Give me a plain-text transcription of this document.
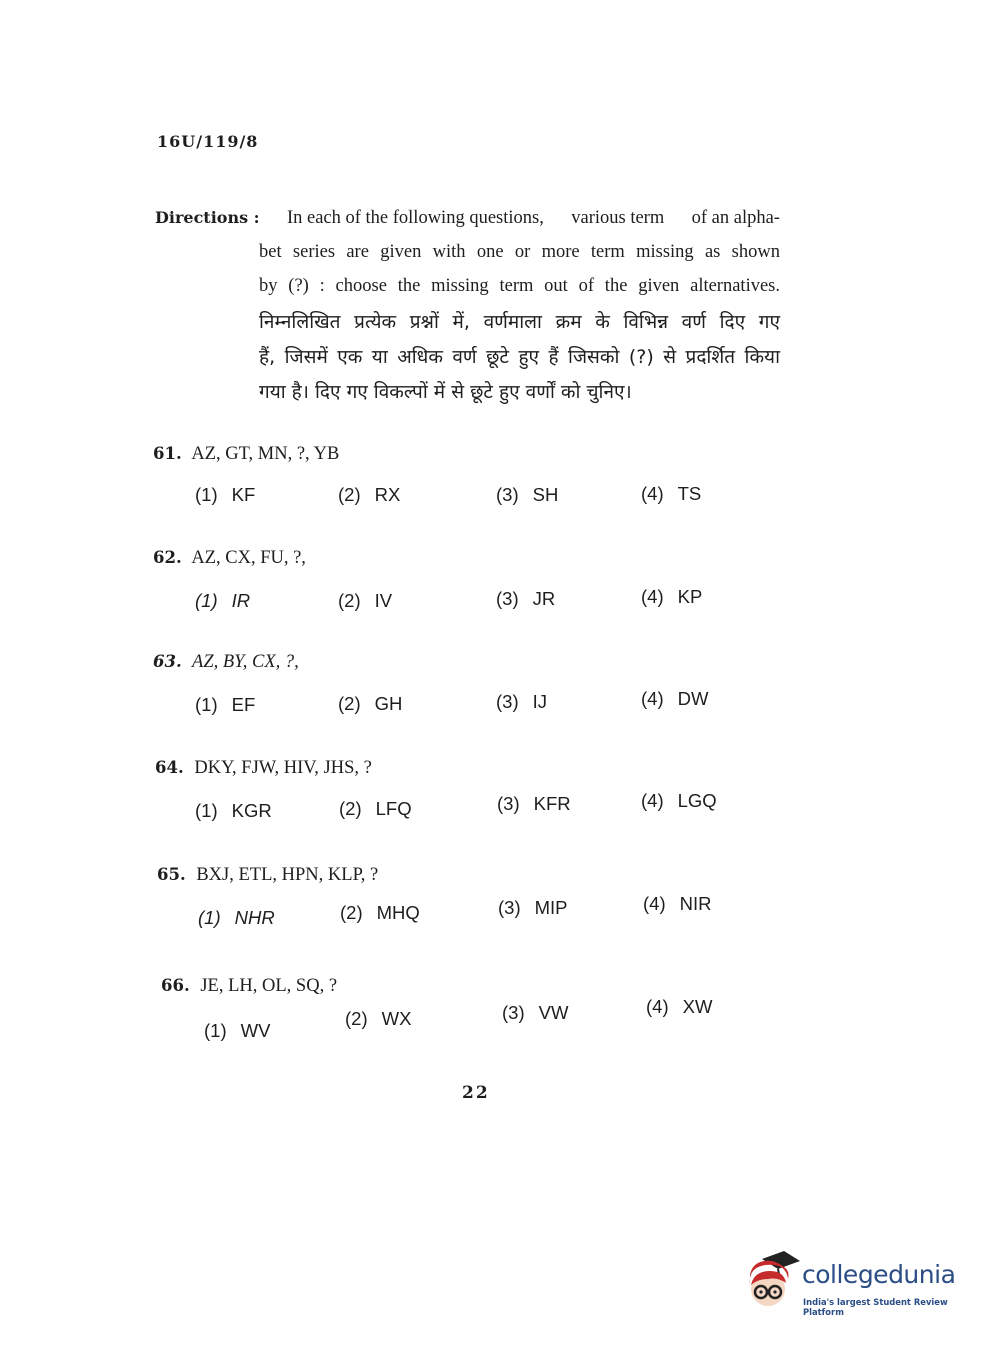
16U/119/8
Directions : In each of the following questions, various term of an alpha-
bet series are given with one or more term missing as shown
by (?) : choose the missing term out of the given alternatives.
निम्नलिखित प्रत्येक प्रश्नों में, वर्णमाला क्रम के विभिन्न वर्ण दिए गए
हैं, जिसमें एक या अधिक वर्ण छूटे हुए हैं जिसको (?) से प्रदर्शित किया
गया है। दिए गए विकल्पों में से छूटे हुए वर्णों को चुनिए।
61. AZ, GT, MN, ?, YB
(1) KF	(2) RX	(3) SH	(4) TS
62. AZ, CX, FU, ?,
(1) IR	(2) IV	(3) JR	(4) KP
63. AZ, BY, CX, ?,
(1) EF	(2) GH	(3) IJ	(4) DW
64. DKY, FJW, HIV, JHS, ?
(1) KGR	(2) LFQ	(3) KFR	(4) LGQ
65. BXJ, ETL, HPN, KLP, ?
(1) NHR	(2) MHQ	(3) MIP	(4) NIR
66. JE, LH, OL, SQ, ?
(1) WV
(2) WX	(3) VW	(4) XW
22
collegedunia
India's largest Student Review Platform
